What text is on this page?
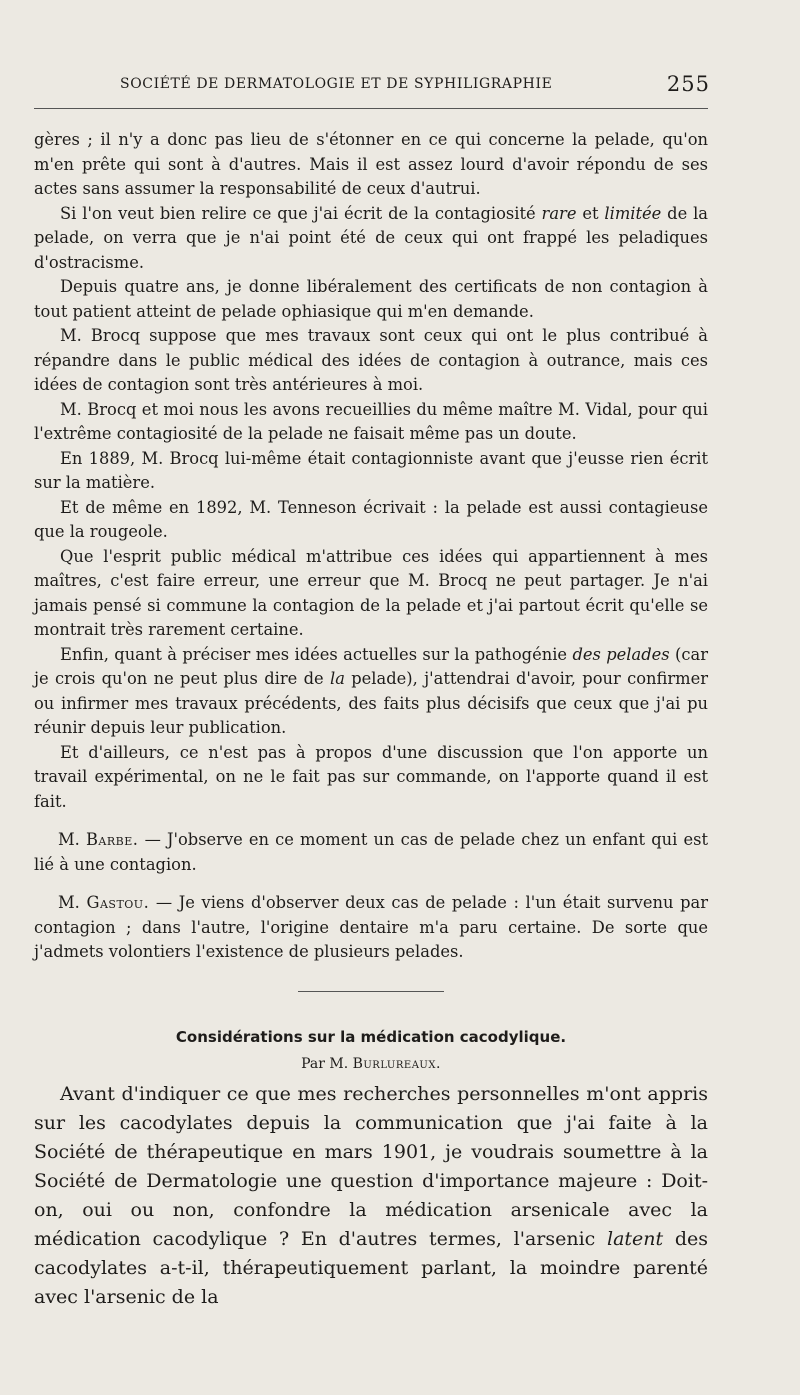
SOCIÉTÉ DE DERMATOLOGIE ET DE SYPHILIGRAPHIE	255

gères ; il n'y a donc pas lieu de s'étonner en ce qui concerne la pelade, qu'on m'en prête qui sont à d'autres. Mais il est assez lourd d'avoir répondu de ses actes sans assumer la responsabilité de ceux d'autrui.

Si l'on veut bien relire ce que j'ai écrit de la contagiosité rare et limitée de la pelade, on verra que je n'ai point été de ceux qui ont frappé les peladiques d'ostracisme.

Depuis quatre ans, je donne libéralement des certificats de non contagion à tout patient atteint de pelade ophiasique qui m'en demande.

M. Brocq suppose que mes travaux sont ceux qui ont le plus contribué à répandre dans le public médical des idées de contagion à outrance, mais ces idées de contagion sont très antérieures à moi.

M. Brocq et moi nous les avons recueillies du même maître M. Vidal, pour qui l'extrême contagiosité de la pelade ne faisait même pas un doute.

En 1889, M. Brocq lui-même était contagionniste avant que j'eusse rien écrit sur la matière.

Et de même en 1892, M. Tenneson écrivait : la pelade est aussi contagieuse que la rougeole.

Que l'esprit public médical m'attribue ces idées qui appartiennent à mes maîtres, c'est faire erreur, une erreur que M. Brocq ne peut partager. Je n'ai jamais pensé si commune la contagion de la pelade et j'ai partout écrit qu'elle se montrait très rarement certaine.

Enfin, quant à préciser mes idées actuelles sur la pathogénie des pelades (car je crois qu'on ne peut plus dire de la pelade), j'attendrai d'avoir, pour confirmer ou infirmer mes travaux précédents, des faits plus décisifs que ceux que j'ai pu réunir depuis leur publication.

Et d'ailleurs, ce n'est pas à propos d'une discussion que l'on apporte un travail expérimental, on ne le fait pas sur commande, on l'apporte quand il est fait.

M. Barbe. — J'observe en ce moment un cas de pelade chez un enfant qui est lié à une contagion.

M. Gastou. — Je viens d'observer deux cas de pelade : l'un était survenu par contagion ; dans l'autre, l'origine dentaire m'a paru certaine. De sorte que j'admets volontiers l'existence de plusieurs pelades.

Considérations sur la médication cacodylique.
Par M. Burlureaux.

Avant d'indiquer ce que mes recherches personnelles m'ont appris sur les cacodylates depuis la communication que j'ai faite à la Société de thérapeutique en mars 1901, je voudrais soumettre à la Société de Dermatologie une question d'importance majeure : Doit-on, oui ou non, confondre la médication arsenicale avec la médication cacodylique ? En d'autres termes, l'arsenic latent des cacodylates a-t-il, thérapeutiquement parlant, la moindre parenté avec l'arsenic de la
